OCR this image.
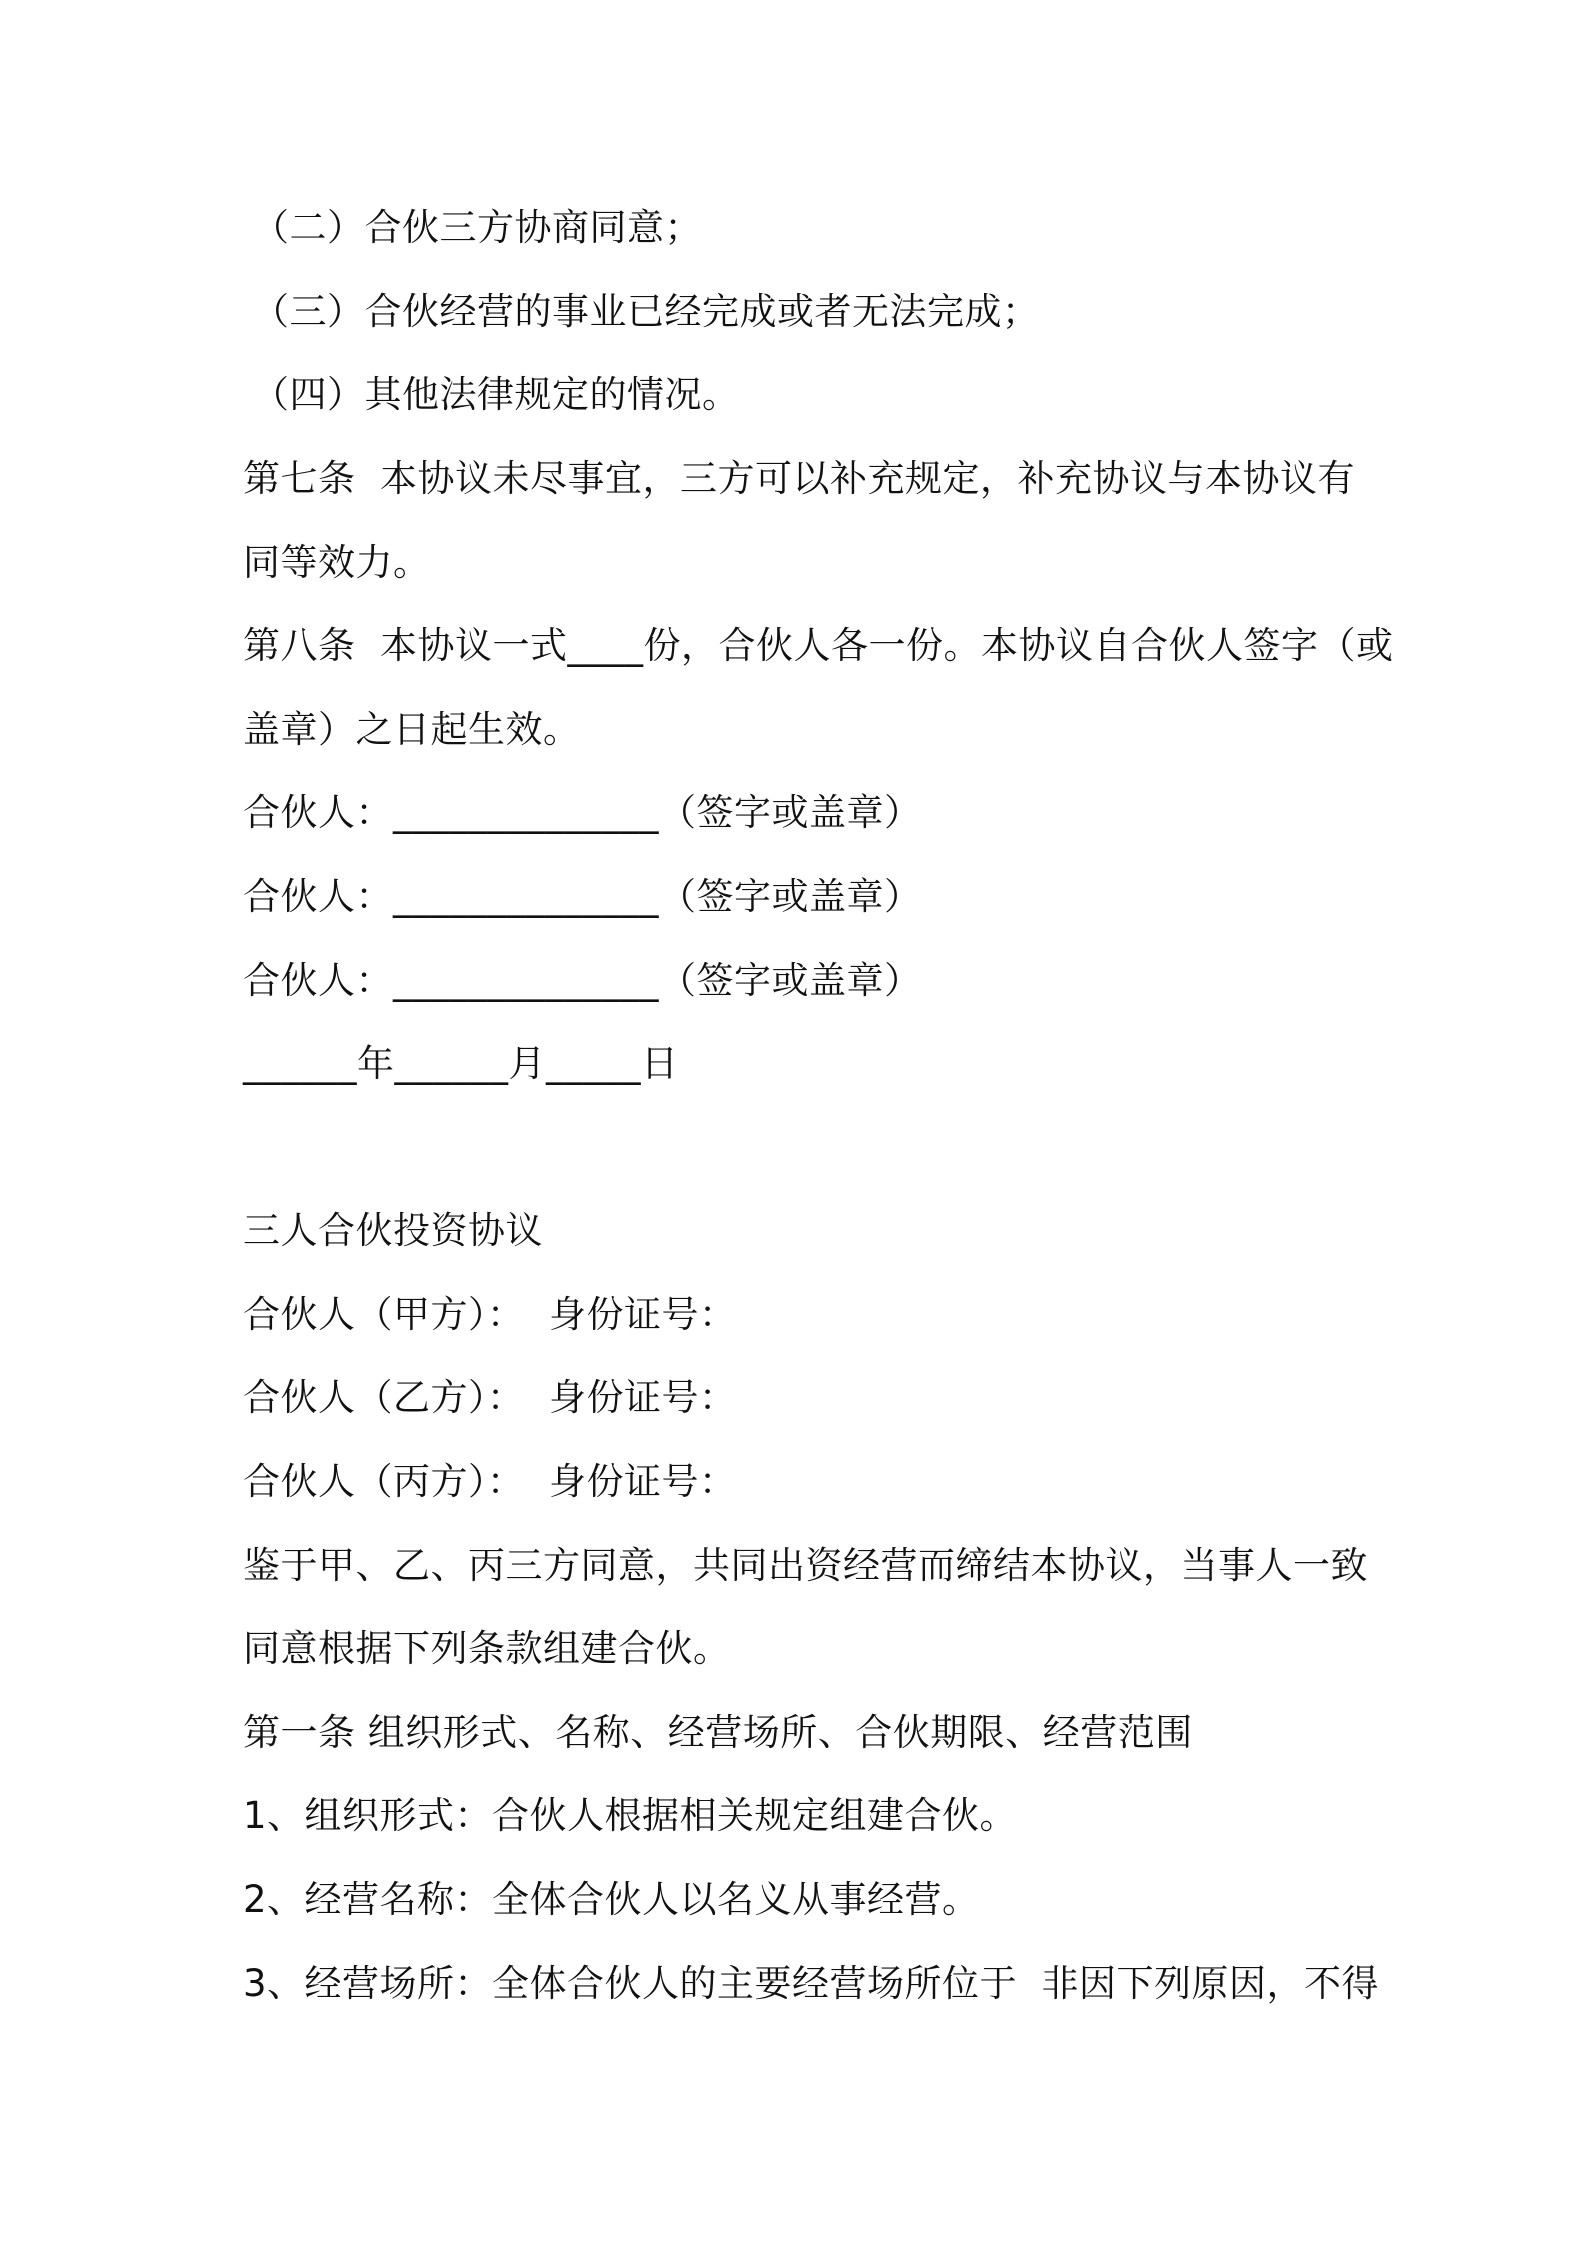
（二）合伙三方协商同意；
（三）合伙经营的事业已经完成或者无法完成；
（四）其他法律规定的情况。
第七条  本协议未尽事宜，三方可以补充规定，补充协议与本协议有
同等效力。
第八条  本协议一式____份，合伙人各一份。本协议自合伙人签字（或
盖章）之日起生效。
合伙人：______________（签字或盖章）
合伙人：______________（签字或盖章）
合伙人：______________（签字或盖章）
______年______月_____日
三人合伙投资协议
合伙人（甲方）：  身份证号：
合伙人（乙方）：  身份证号：
合伙人（丙方）：  身份证号：
鉴于甲、乙、丙三方同意，共同出资经营而缔结本协议，当事人一致
同意根据下列条款组建合伙。
第一条 组织形式、名称、经营场所、合伙期限、经营范围
1、组织形式：合伙人根据相关规定组建合伙。
2、经营名称：全体合伙人以名义从事经营。
3、经营场所：全体合伙人的主要经营场所位于  非因下列原因，不得
